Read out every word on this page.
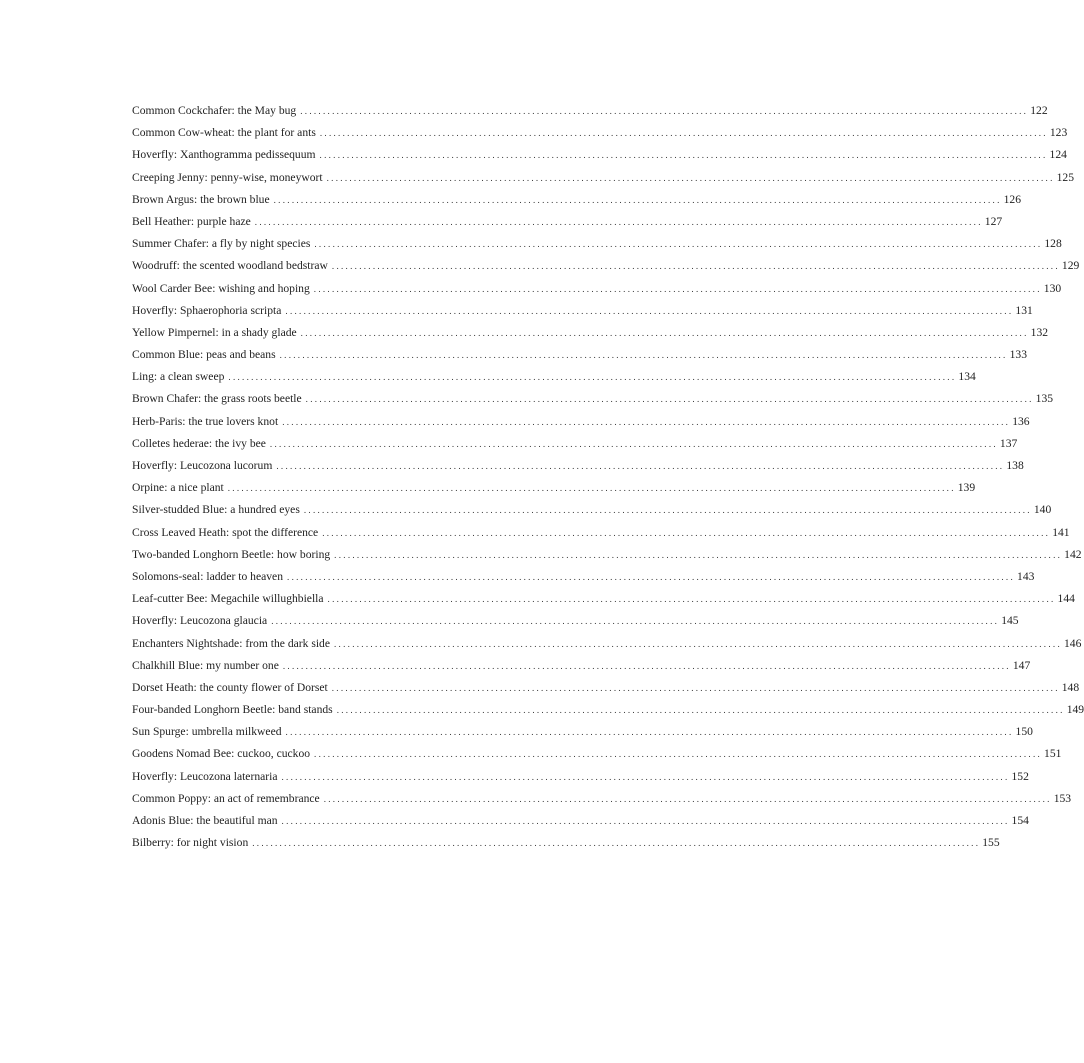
Common Cockchafer: the May bug ................................................................................................................................................................ 122
Common Cow-wheat: the plant for ants ................................................................................................................................................................ 123
Hoverfly: Xanthogramma pedissequum ................................................................................................................................................................ 124
Creeping Jenny: penny-wise, moneywort ................................................................................................................................................................ 125
Brown Argus: the brown blue ................................................................................................................................................................ 126
Bell Heather: purple haze ................................................................................................................................................................ 127
Summer Chafer: a fly by night species ................................................................................................................................................................ 128
Woodruff: the scented woodland bedstraw ................................................................................................................................................................ 129
Wool Carder Bee: wishing and hoping ................................................................................................................................................................ 130
Hoverfly: Sphaerophoria scripta ................................................................................................................................................................ 131
Yellow Pimpernel: in a shady glade ................................................................................................................................................................ 132
Common Blue: peas and beans ................................................................................................................................................................ 133
Ling: a clean sweep ................................................................................................................................................................ 134
Brown Chafer: the grass roots beetle ................................................................................................................................................................ 135
Herb-Paris: the true lovers knot ................................................................................................................................................................ 136
Colletes hederae: the ivy bee ................................................................................................................................................................ 137
Hoverfly: Leucozona lucorum ................................................................................................................................................................ 138
Orpine: a nice plant ................................................................................................................................................................ 139
Silver-studded Blue: a hundred eyes ................................................................................................................................................................ 140
Cross Leaved Heath: spot the difference ................................................................................................................................................................ 141
Two-banded Longhorn Beetle: how boring ................................................................................................................................................................ 142
Solomons-seal: ladder to heaven ................................................................................................................................................................ 143
Leaf-cutter Bee: Megachile willughbiella ................................................................................................................................................................ 144
Hoverfly: Leucozona glaucia ................................................................................................................................................................ 145
Enchanters Nightshade: from the dark side ................................................................................................................................................................ 146
Chalkhill Blue: my number one ................................................................................................................................................................ 147
Dorset Heath: the county flower of Dorset ................................................................................................................................................................ 148
Four-banded Longhorn Beetle: band stands ................................................................................................................................................................ 149
Sun Spurge: umbrella milkweed ................................................................................................................................................................ 150
Goodens Nomad Bee: cuckoo, cuckoo ................................................................................................................................................................ 151
Hoverfly: Leucozona laternaria ................................................................................................................................................................ 152
Common Poppy: an act of remembrance ................................................................................................................................................................ 153
Adonis Blue: the beautiful man ................................................................................................................................................................ 154
Bilberry: for night vision ................................................................................................................................................................ 155
